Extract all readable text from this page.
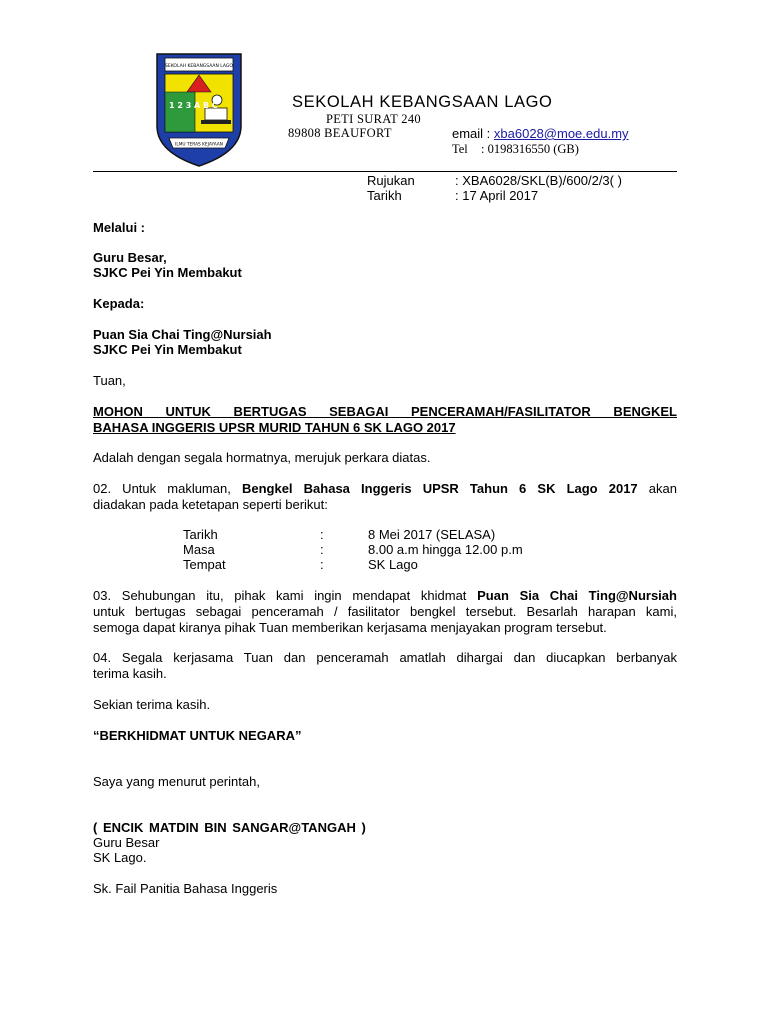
SEKOLAH KEBANGSAAN LAGO
1 2 3 A B C
ILMU TERAS KEJAYAAN
SEKOLAH KEBANGSAAN LAGO
PETI SURAT 240
89808 BEAUFORT	email : xba6028@moe.edu.my
Tel : 0198316550 (GB)
Rujukan	: XBA6028/SKL(B)/600/2/3( )
Tarikh	: 17 April 2017
Melalui :
Guru Besar,
SJKC Pei Yin Membakut
Kepada:
Puan Sia Chai Ting@Nursiah
SJKC Pei Yin Membakut
Tuan,
MOHON UNTUK BERTUGAS SEBAGAI PENCERAMAH/FASILITATOR BENGKEL
BAHASA INGGERIS UPSR MURID TAHUN 6 SK LAGO 2017
Adalah dengan segala hormatnya, merujuk perkara diatas.
02. Untuk makluman, Bengkel Bahasa Inggeris UPSR Tahun 6 SK Lago 2017 akan
diadakan pada ketetapan seperti berikut:
Tarikh	:	8 Mei 2017 (SELASA)
Masa	:	8.00 a.m hingga 12.00 p.m
Tempat	:	SK Lago
03. Sehubungan itu, pihak kami ingin mendapat khidmat Puan Sia Chai Ting@Nursiah
untuk bertugas sebagai penceramah / fasilitator bengkel tersebut. Besarlah harapan kami,
semoga dapat kiranya pihak Tuan memberikan kerjasama menjayakan program tersebut.
04. Segala kerjasama Tuan dan penceramah amatlah dihargai dan diucapkan berbanyak
terima kasih.
Sekian terima kasih.
“BERKHIDMAT UNTUK NEGARA”
Saya yang menurut perintah,
( ENCIK MATDIN BIN SANGAR@TANGAH )
Guru Besar
SK Lago.
Sk. Fail Panitia Bahasa Inggeris
